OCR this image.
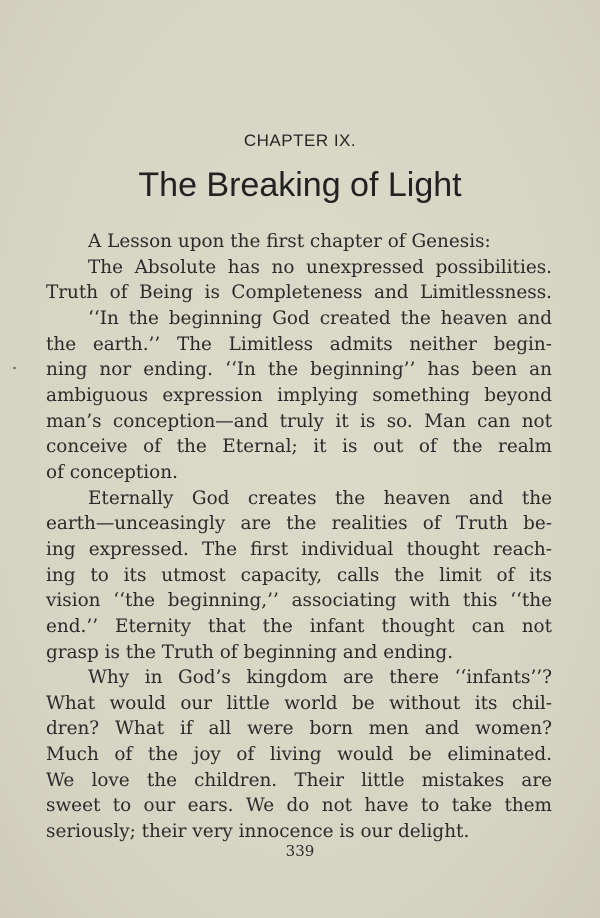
CHAPTER IX.
The Breaking of Light
A Lesson upon the first chapter of Genesis:
The Absolute has no unexpressed possibilities.
Truth of Being is Completeness and Limitlessness.
‘‘In the beginning God created the heaven and
the earth.’’ The Limitless admits neither begin-
ning nor ending. ‘‘In the beginning’’ has been an
ambiguous expression implying something beyond
man’s conception—and truly it is so. Man can not
conceive of the Eternal; it is out of the realm
of conception.
Eternally God creates the heaven and the
earth—unceasingly are the realities of Truth be-
ing expressed. The first individual thought reach-
ing to its utmost capacity, calls the limit of its
vision ‘‘the beginning,’’ associating with this ‘‘the
end.’’ Eternity that the infant thought can not
grasp is the Truth of beginning and ending.
Why in God’s kingdom are there ‘‘infants’’?
What would our little world be without its chil-
dren? What if all were born men and women?
Much of the joy of living would be eliminated.
We love the children. Their little mistakes are
sweet to our ears. We do not have to take them
seriously; their very innocence is our delight.
339
